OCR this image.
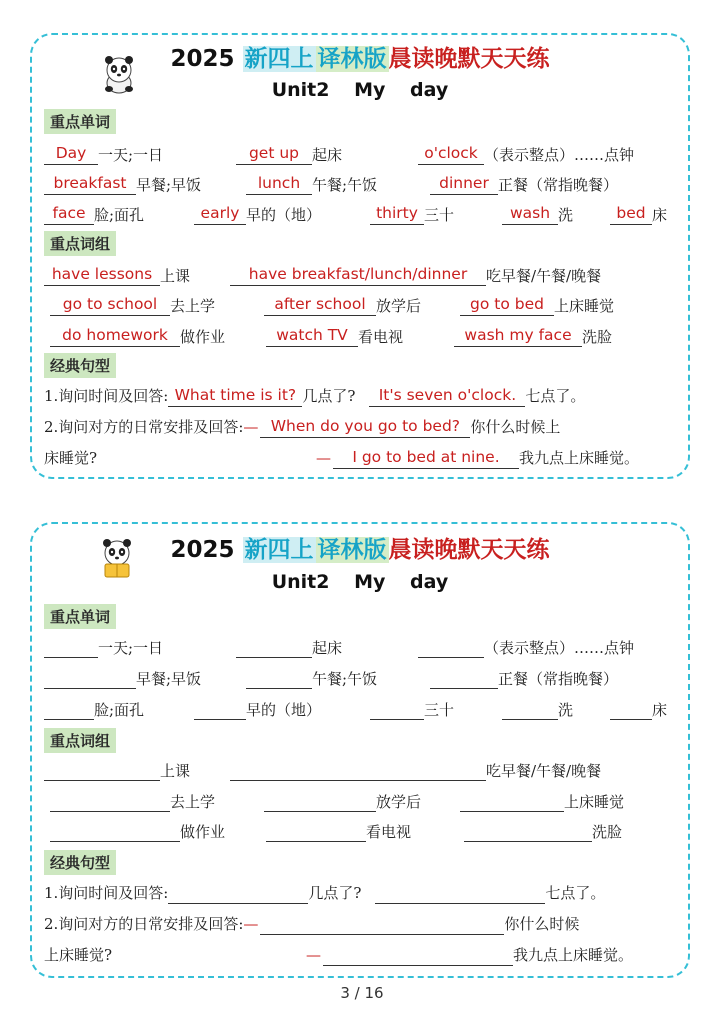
2025 新四上 译林版晨读晚默天天练
Unit2 My day
重点单词
Day 一天;一日	get up 起床	o'clock （表示整点）……点钟
breakfast 早餐;早饭	lunch 午餐;午饭	dinner 正餐（常指晚餐）
face 脸;面孔	early 早的（地）	thirty 三十	wash 洗	bed 床
重点词组
have lessons 上课	have breakfast/lunch/dinner	吃早餐/午餐/晚餐
go to school 去上学	after school 放学后	go to bed 上床睡觉
do homework 做作业	watch TV 看电视	wash my face 洗脸
经典句型
1.询问时间及回答: What time is it? 几点了?	It's seven o'clock. 七点了。
2.询问对方的日常安排及回答: — When do you go to bed? 你什么时候上
床睡觉?	—	I go to bed at nine.	我九点上床睡觉。
2025 新四上 译林版晨读晚默天天练
Unit2 My day
重点单词
一天;一日	起床	（表示整点）……点钟
早餐;早饭	午餐;午饭	正餐（常指晚餐）
脸;面孔	早的（地）	三十	洗	床
重点词组
上课	吃早餐/午餐/晚餐
去上学	放学后	上床睡觉
做作业	看电视	洗脸
经典句型
1.询问时间及回答:	几点了?	七点了。
2.询问对方的日常安排及回答: —	你什么时候
上床睡觉?	—	我九点上床睡觉。
3 / 16
